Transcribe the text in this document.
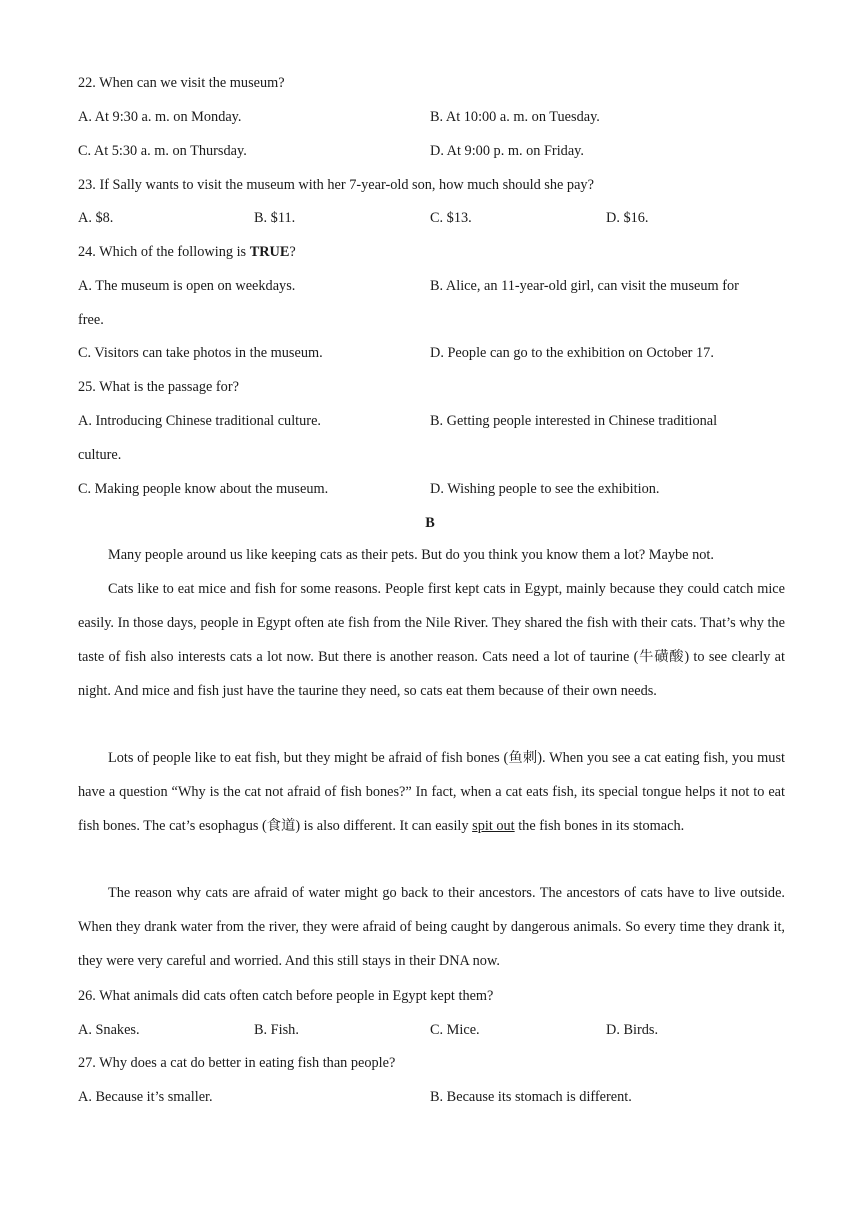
22. When can we visit the museum?
A. At 9:30 a. m. on Monday.	B. At 10:00 a. m. on Tuesday.
C. At 5:30 a. m. on Thursday.	D. At 9:00 p. m. on Friday.
23. If Sally wants to visit the museum with her 7-year-old son, how much should she pay?
A. $8.	B. $11.	C. $13.	D. $16.
24. Which of the following is TRUE?
A. The museum is open on weekdays.	B. Alice, an 11-year-old girl, can visit the museum for
free.
C. Visitors can take photos in the museum.	D. People can go to the exhibition on October 17.
25. What is the passage for?
A. Introducing Chinese traditional culture.	B. Getting people interested in Chinese traditional
culture.
C. Making people know about the museum.	D. Wishing people to see the exhibition.
B
Many people around us like keeping cats as their pets. But do you think you know them a lot? Maybe not.
Cats like to eat mice and fish for some reasons. People first kept cats in Egypt, mainly because they could catch mice easily. In those days, people in Egypt often ate fish from the Nile River. They shared the fish with their cats. That’s why the taste of fish also interests cats a lot now. But there is another reason. Cats need a lot of taurine (牛磺酸) to see clearly at night. And mice and fish just have the taurine they need, so cats eat them because of their own needs.
Lots of people like to eat fish, but they might be afraid of fish bones (鱼刺). When you see a cat eating fish, you must have a question “Why is the cat not afraid of fish bones?” In fact, when a cat eats fish, its special tongue helps it not to eat fish bones. The cat’s esophagus (食道) is also different. It can easily spit out the fish bones in its stomach.
The reason why cats are afraid of water might go back to their ancestors. The ancestors of cats have to live outside. When they drank water from the river, they were afraid of being caught by dangerous animals. So every time they drank it, they were very careful and worried. And this still stays in their DNA now.
26. What animals did cats often catch before people in Egypt kept them?
A. Snakes.	B. Fish.	C. Mice.	D. Birds.
27. Why does a cat do better in eating fish than people?
A. Because it’s smaller.	B. Because its stomach is different.
